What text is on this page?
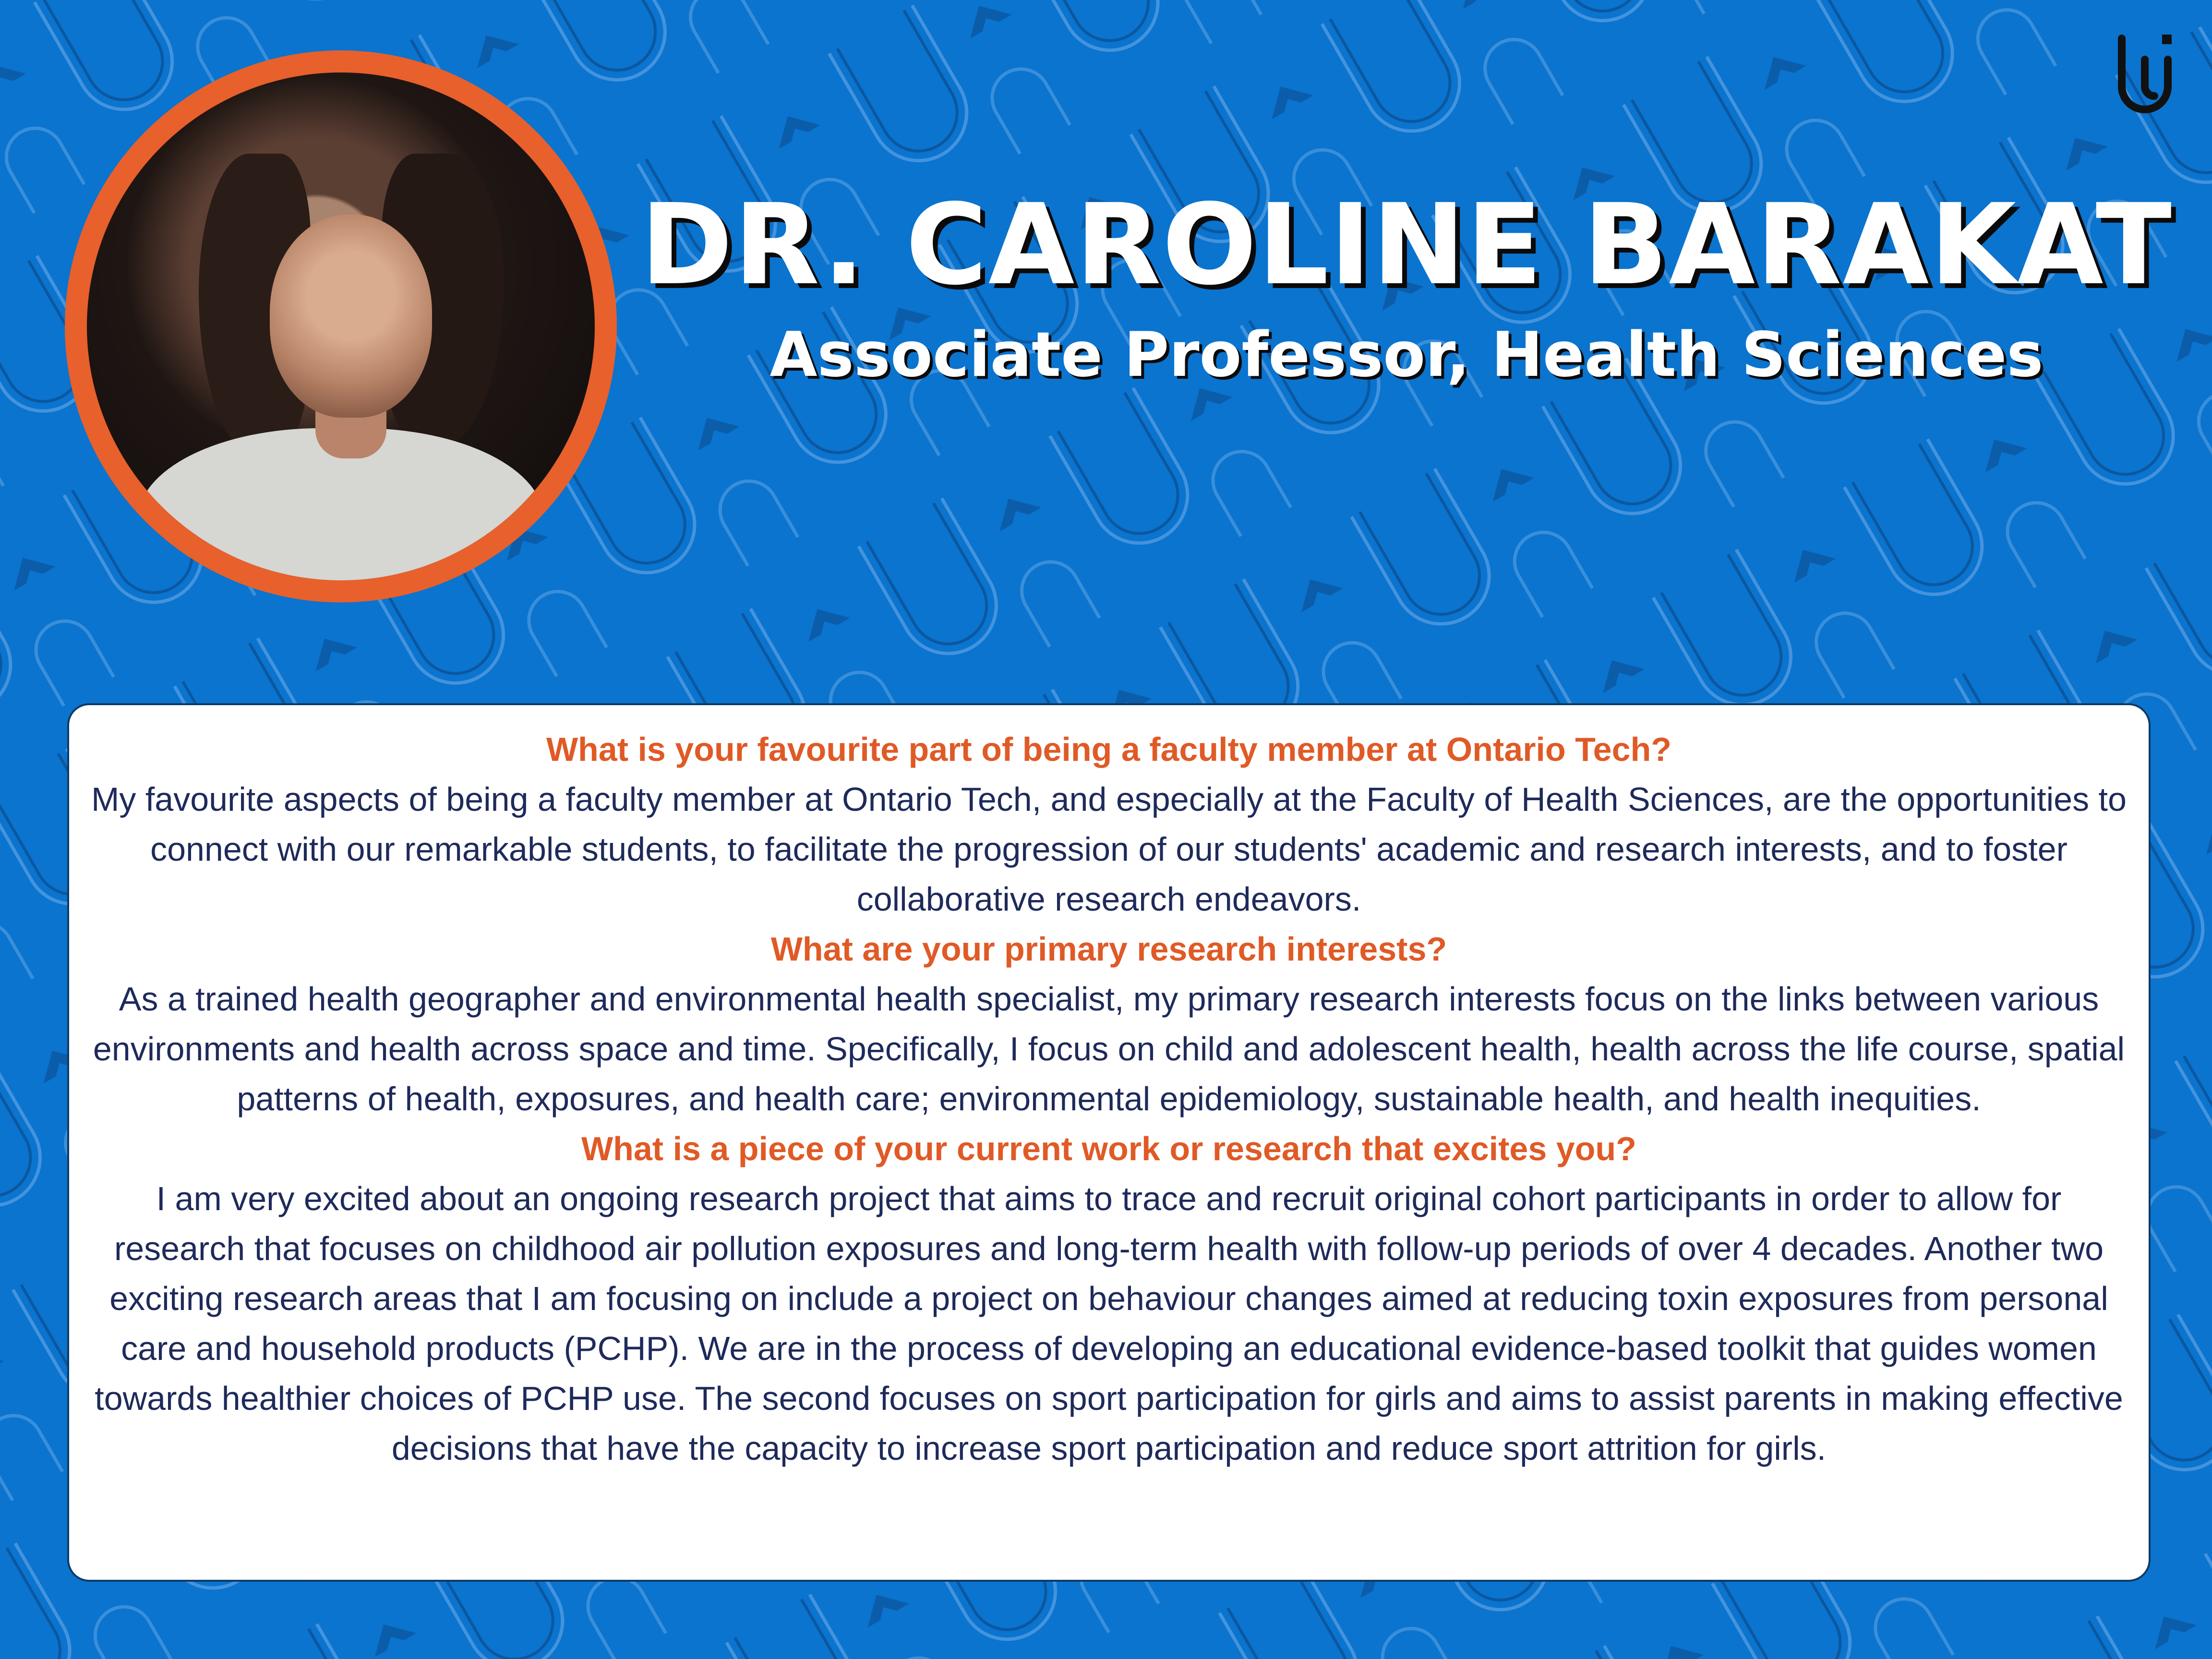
DR. CAROLINE BARAKAT
Associate Professor, Health Sciences

What is your favourite part of being a faculty member at Ontario Tech?

My favourite aspects of being a faculty member at Ontario Tech, and especially at the Faculty of Health Sciences, are the opportunities to connect with our remarkable students, to facilitate the progression of our students' academic and research interests, and to foster collaborative research endeavors.

What are your primary research interests?

As a trained health geographer and environmental health specialist, my primary research interests focus on the links between various environments and health across space and time. Specifically, I focus on child and adolescent health, health across the life course, spatial patterns of health, exposures, and health care; environmental epidemiology, sustainable health, and health inequities.

What is a piece of your current work or research that excites you?

I am very excited about an ongoing research project that aims to trace and recruit original cohort participants in order to allow for research that focuses on childhood air pollution exposures and long-term health with follow-up periods of over 4 decades. Another two exciting research areas that I am focusing on include a project on behaviour changes aimed at reducing toxin exposures from personal care and household products (PCHP). We are in the process of developing an educational evidence-based toolkit that guides women towards healthier choices of PCHP use. The second focuses on sport participation for girls and aims to assist parents in making effective decisions that have the capacity to increase sport participation and reduce sport attrition for girls.
